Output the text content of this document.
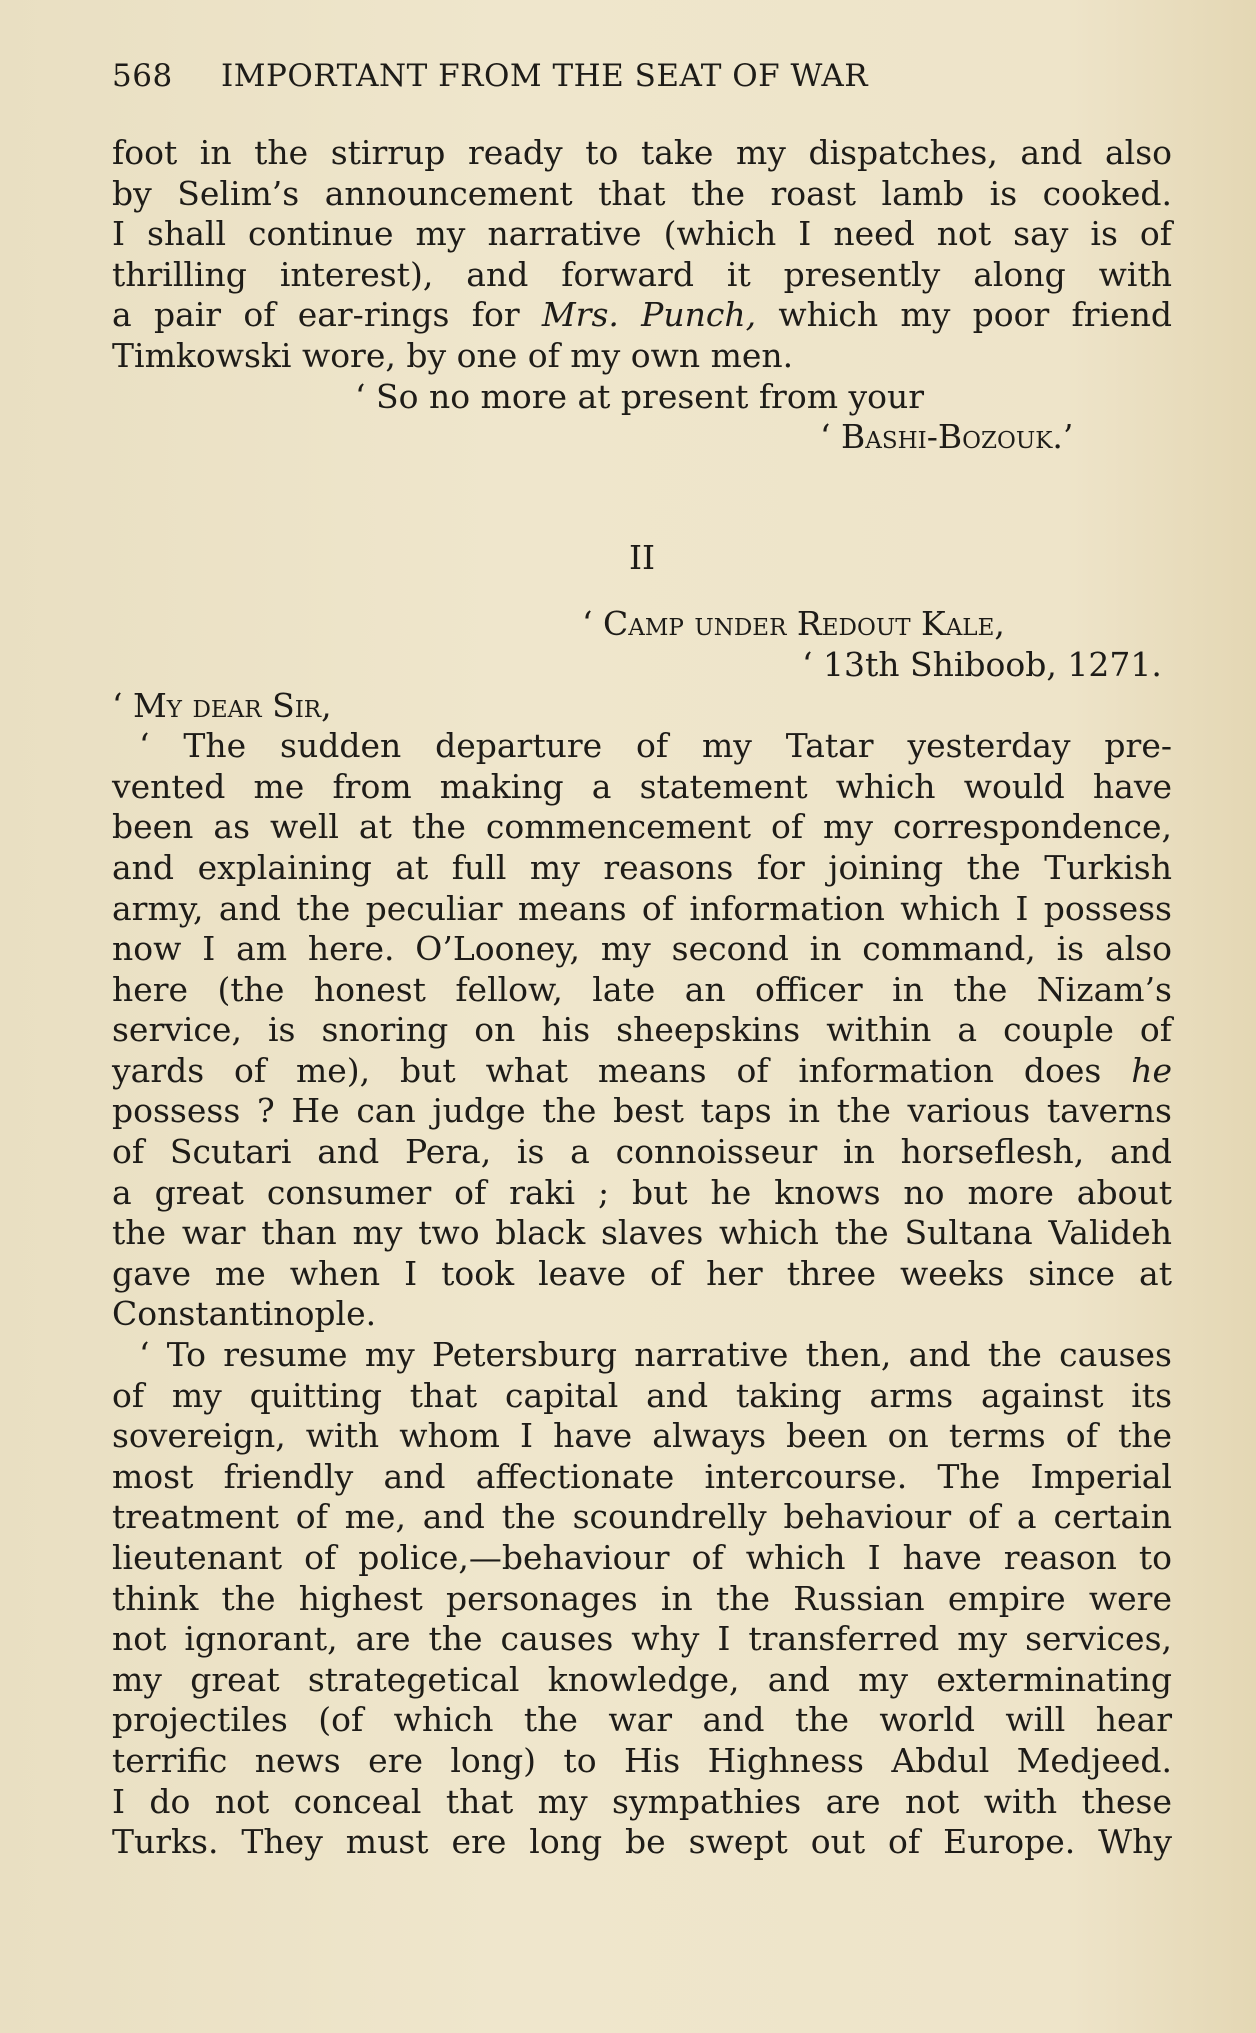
568 IMPORTANT FROM THE SEAT OF WAR
foot in the stirrup ready to take my dispatches, and also
by Selim’s announcement that the roast lamb is cooked.
I shall continue my narrative (which I need not say is of
thrilling interest), and forward it presently along with
a pair of ear-rings for Mrs. Punch, which my poor friend
Timkowski wore, by one of my own men.
‘ So no more at present from your
‘ Bashi-Bozouk.’
II
‘ Camp under Redout Kale,
‘ 13th Shiboob, 1271.
‘ My dear Sir,
‘ The sudden departure of my Tatar yesterday pre-
vented me from making a statement which would have
been as well at the commencement of my correspondence,
and explaining at full my reasons for joining the Turkish
army, and the peculiar means of information which I possess
now I am here. O’Looney, my second in command, is also
here (the honest fellow, late an officer in the Nizam’s
service, is snoring on his sheepskins within a couple of
yards of me), but what means of information does he
possess ? He can judge the best taps in the various taverns
of Scutari and Pera, is a connoisseur in horseflesh, and
a great consumer of raki ; but he knows no more about
the war than my two black slaves which the Sultana Valideh
gave me when I took leave of her three weeks since at
Constantinople.
‘ To resume my Petersburg narrative then, and the causes
of my quitting that capital and taking arms against its
sovereign, with whom I have always been on terms of the
most friendly and affectionate intercourse. The Imperial
treatment of me, and the scoundrelly behaviour of a certain
lieutenant of police,—behaviour of which I have reason to
think the highest personages in the Russian empire were
not ignorant, are the causes why I transferred my services,
my great strategetical knowledge, and my exterminating
projectiles (of which the war and the world will hear
terrific news ere long) to His Highness Abdul Medjeed.
I do not conceal that my sympathies are not with these
Turks. They must ere long be swept out of Europe. Why
